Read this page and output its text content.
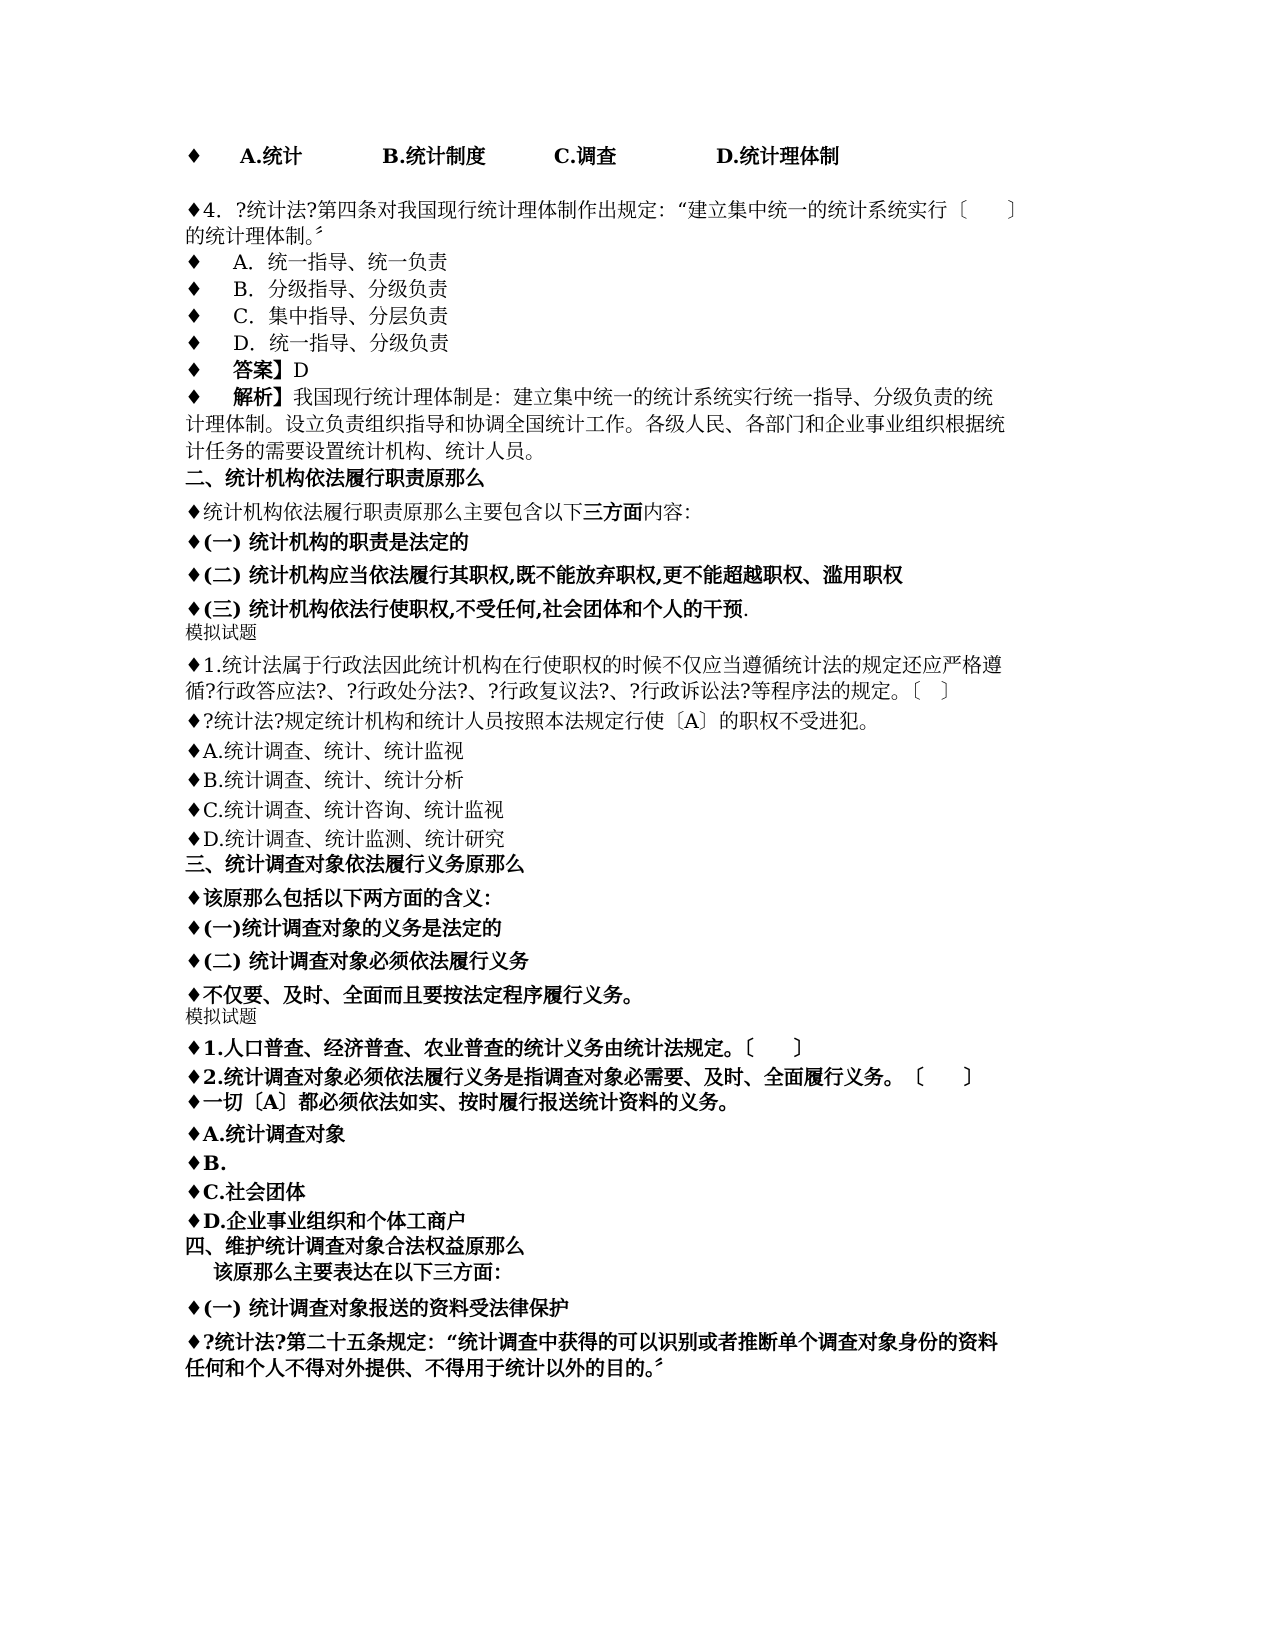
♦ A.统计	B.统计制度	C.调查	D.统计理体制
♦4．?统计法?第四条对我国现行统计理体制作出规定：“建立集中统一的统计系统实行〔　　〕
的统计理体制。〞
♦ A．统一指导、统一负责
♦ B．分级指导、分级负责
♦ C．集中指导、分层负责
♦ D．统一指导、分级负责
♦ 答案】D
♦ 解析】我国现行统计理体制是：建立集中统一的统计系统实行统一指导、分级负责的统
计理体制。设立负责组织指导和协调全国统计工作。各级人民、各部门和企业事业组织根据统
计任务的需要设置统计机构、统计人员。
二、统计机构依法履行职责原那么
♦统计机构依法履行职责原那么主要包含以下三方面内容：
♦(一) 统计机构的职责是法定的
♦(二) 统计机构应当依法履行其职权,既不能放弃职权,更不能超越职权、滥用职权
♦(三) 统计机构依法行使职权,不受任何,社会团体和个人的干预.
模拟试题
♦1.统计法属于行政法因此统计机构在行使职权的时候不仅应当遵循统计法的规定还应严格遵
循?行政答应法?、?行政处分法?、?行政复议法?、?行政诉讼法?等程序法的规定。〔　〕
♦?统计法?规定统计机构和统计人员按照本法规定行使〔A〕的职权不受进犯。
♦A.统计调查、统计、统计监视
♦B.统计调查、统计、统计分析
♦C.统计调查、统计咨询、统计监视
♦D.统计调查、统计监测、统计研究
三、统计调查对象依法履行义务原那么
♦该原那么包括以下两方面的含义：
♦(一)统计调查对象的义务是法定的
♦(二) 统计调查对象必须依法履行义务
♦不仅要、及时、全面而且要按法定程序履行义务。
模拟试题
♦1.人口普查、经济普查、农业普查的统计义务由统计法规定。〔　　〕
♦2.统计调查对象必须依法履行义务是指调查对象必需要、及时、全面履行义务。　〔　　〕
♦一切〔A〕都必须依法如实、按时履行报送统计资料的义务。
♦A.统计调查对象
♦B.
♦C.社会团体
♦D.企业事业组织和个体工商户
四、维护统计调查对象合法权益原那么
该原那么主要表达在以下三方面：
♦(一) 统计调查对象报送的资料受法律保护
♦?统计法?第二十五条规定：“统计调查中获得的可以识别或者推断单个调查对象身份的资料
任何和个人不得对外提供、不得用于统计以外的目的。〞
